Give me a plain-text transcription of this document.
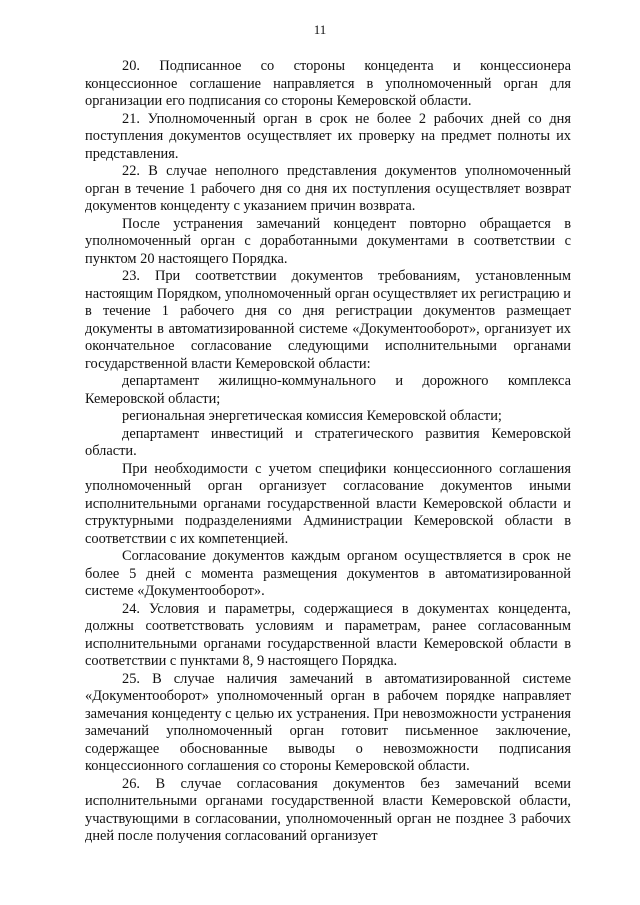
11

20. Подписанное со стороны концедента и концессионера концессионное соглашение направляется в уполномоченный орган для организации его подписания со стороны Кемеровской области.

21. Уполномоченный орган в срок не более 2 рабочих дней со дня поступления документов осуществляет их проверку на предмет полноты их представления.

22. В случае неполного представления документов уполномоченный орган в течение 1 рабочего дня со дня их поступления осуществляет возврат документов концеденту с указанием причин возврата.

После устранения замечаний концедент повторно обращается в уполномоченный орган с доработанными документами в соответствии с пунктом 20 настоящего Порядка.

23. При соответствии документов требованиям, установленным настоящим Порядком, уполномоченный орган осуществляет их регистрацию и в течение 1 рабочего дня со дня регистрации документов размещает документы в автоматизированной системе «Документооборот», организует их окончательное согласование следующими исполнительными органами государственной власти Кемеровской области:

департамент жилищно-коммунального и дорожного комплекса Кемеровской области;

региональная энергетическая комиссия Кемеровской области;

департамент инвестиций и стратегического развития Кемеровской области.

При необходимости с учетом специфики концессионного соглашения уполномоченный орган организует согласование документов иными исполнительными органами государственной власти Кемеровской области и структурными подразделениями Администрации Кемеровской области в соответствии с их компетенцией.

Согласование документов каждым органом осуществляется в срок не более 5 дней с момента размещения документов в автоматизированной системе «Документооборот».

24. Условия и параметры, содержащиеся в документах концедента, должны соответствовать условиям и параметрам, ранее согласованным исполнительными органами государственной власти Кемеровской области в соответствии с пунктами 8, 9 настоящего Порядка.

25. В случае наличия замечаний в автоматизированной системе «Документооборот» уполномоченный орган в рабочем порядке направляет замечания концеденту с целью их устранения. При невозможности устранения замечаний уполномоченный орган готовит письменное заключение, содержащее обоснованные выводы о невозможности подписания концессионного соглашения со стороны Кемеровской области.

26. В случае согласования документов без замечаний всеми исполнительными органами государственной власти Кемеровской области, участвующими в согласовании, уполномоченный орган не позднее 3 рабочих дней после получения согласований организует
